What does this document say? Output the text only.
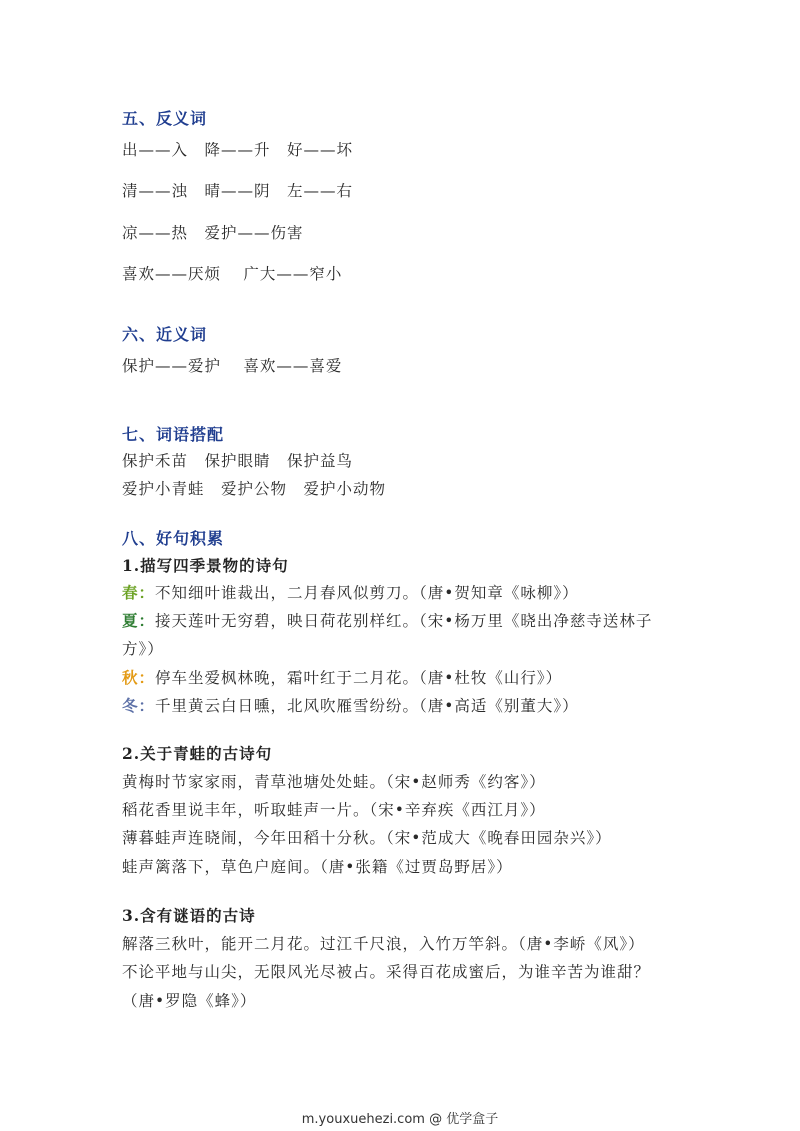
五、反义词
出——入　降——升　好——坏
清——浊　晴——阴　左——右
凉——热　爱护——伤害
喜欢——厌烦　 广大——窄小
六、近义词
保护——爱护　 喜欢——喜爱
七、词语搭配
保护禾苗　保护眼睛　保护益鸟
爱护小青蛙　爱护公物　爱护小动物
八、好句积累
1.描写四季景物的诗句
春：不知细叶谁裁出，二月春风似剪刀。（唐•贺知章《咏柳》）
夏：接天莲叶无穷碧，映日荷花别样红。（宋•杨万里《晓出净慈寺送林子
方》）
秋：停车坐爱枫林晚，霜叶红于二月花。（唐•杜牧《山行》）
冬：千里黄云白日曛，北风吹雁雪纷纷。（唐•高适《别董大》）
2.关于青蛙的古诗句
黄梅时节家家雨，青草池塘处处蛙。（宋•赵师秀《约客》）
稻花香里说丰年，听取蛙声一片。（宋•辛弃疾《西江月》）
薄暮蛙声连晓闹，今年田稻十分秋。（宋•范成大《晚春田园杂兴》）
蛙声篱落下，草色户庭间。（唐•张籍《过贾岛野居》）
3.含有谜语的古诗
解落三秋叶，能开二月花。过江千尺浪，入竹万竿斜。（唐•李峤《风》）
不论平地与山尖，无限风光尽被占。采得百花成蜜后，为谁辛苦为谁甜？
（唐•罗隐《蜂》）
m.youxuehezi.com @ 优学盒子
